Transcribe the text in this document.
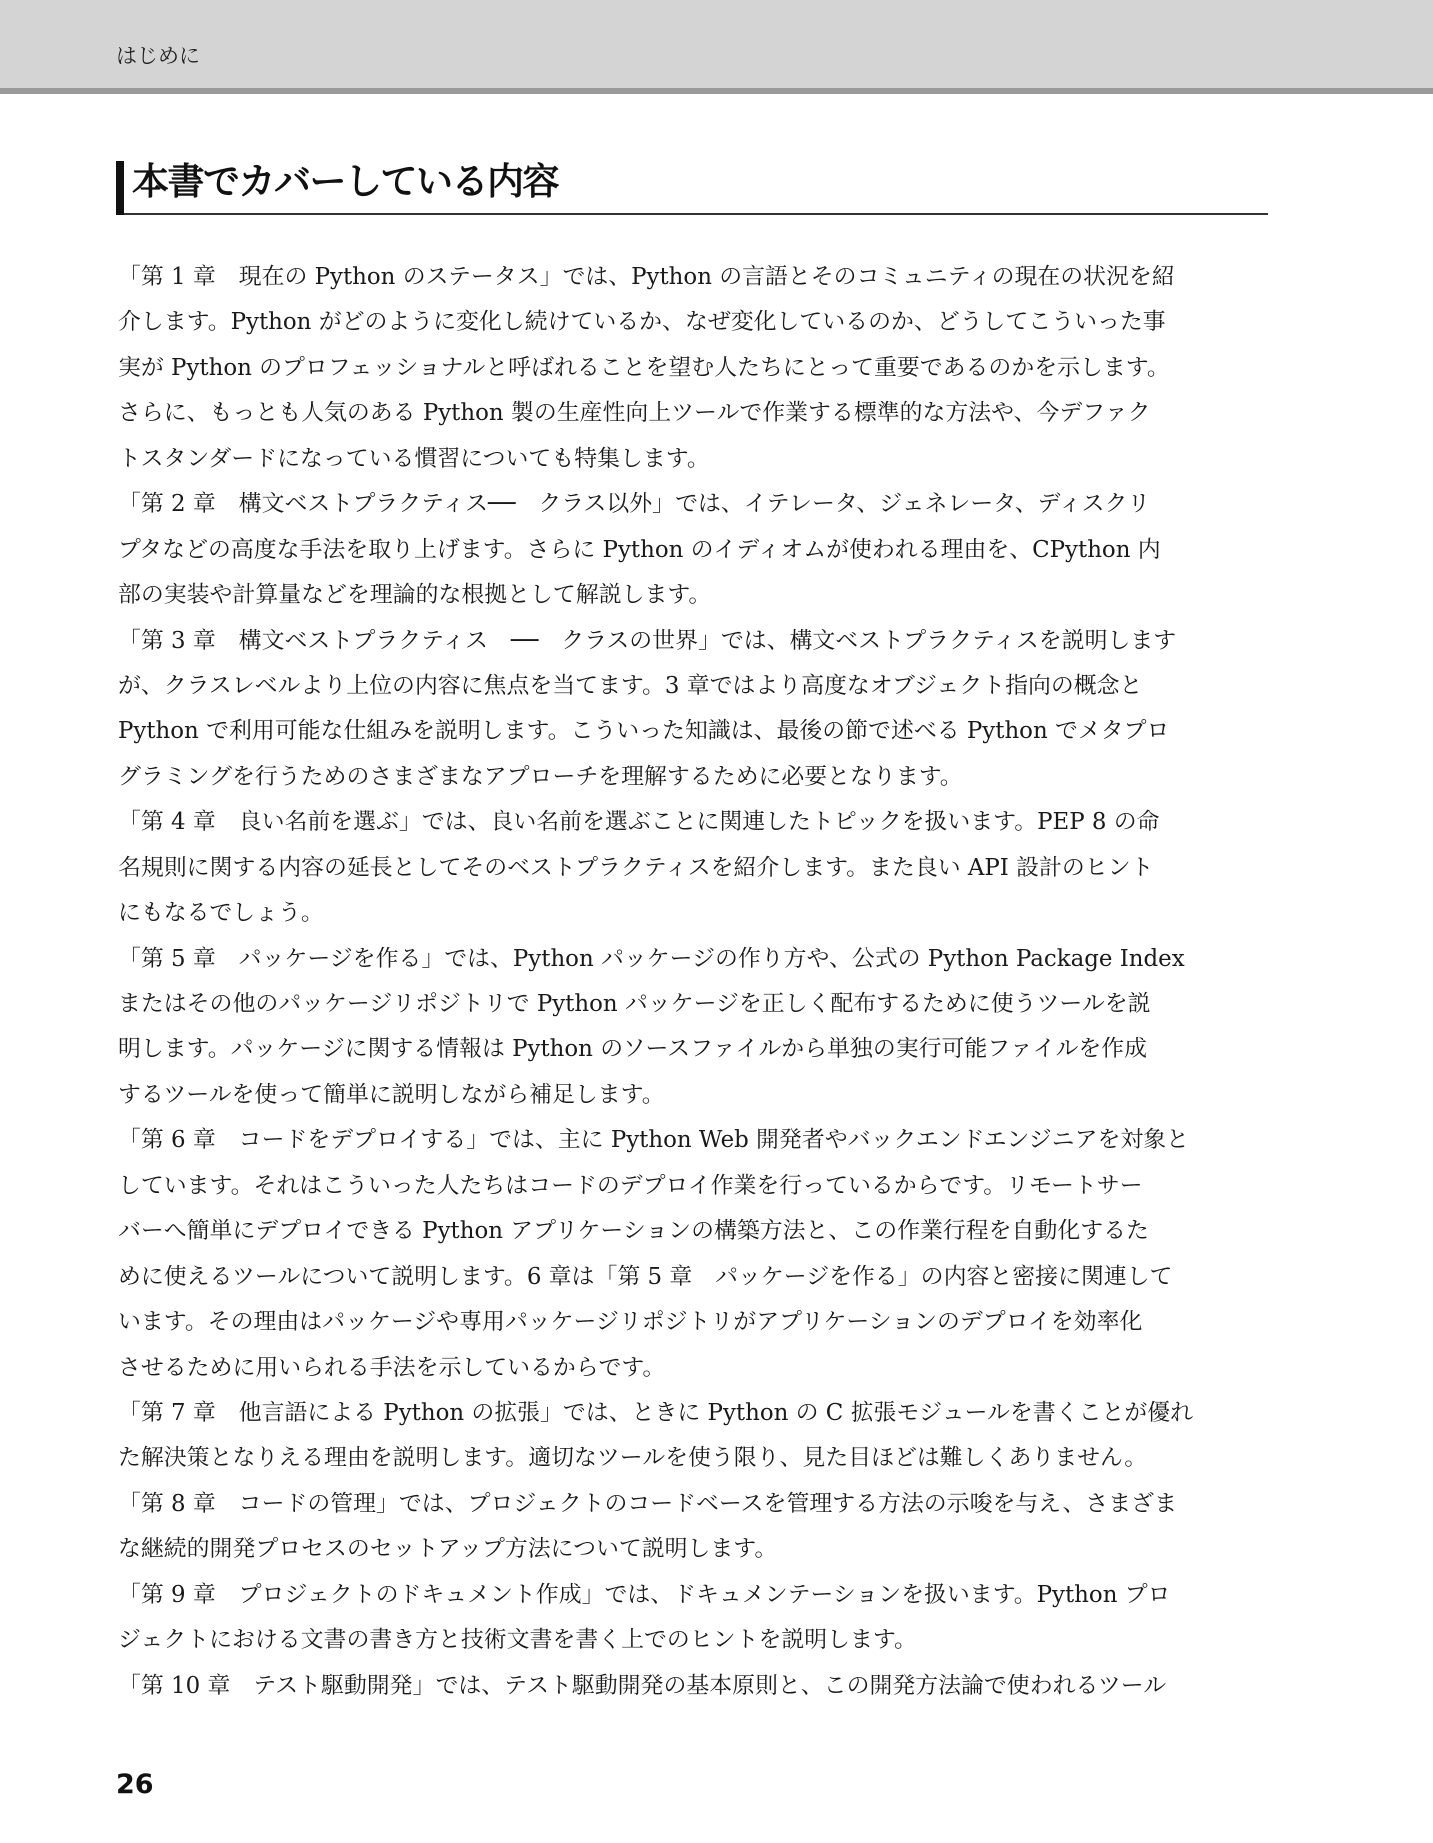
はじめに
本書でカバーしている内容
「第 1 章　現在の Python のステータス」では、Python の言語とそのコミュニティの現在の状況を紹
介します。Python がどのように変化し続けているか、なぜ変化しているのか、どうしてこういった事
実が Python のプロフェッショナルと呼ばれることを望む人たちにとって重要であるのかを示します。
さらに、もっとも人気のある Python 製の生産性向上ツールで作業する標準的な方法や、今デファク
トスタンダードになっている慣習についても特集します。
「第 2 章　構文ベストプラクティス──　クラス以外」では、イテレータ、ジェネレータ、ディスクリ
プタなどの高度な手法を取り上げます。さらに Python のイディオムが使われる理由を、CPython 内
部の実装や計算量などを理論的な根拠として解説します。
「第 3 章　構文ベストプラクティス　──　クラスの世界」では、構文ベストプラクティスを説明します
が、クラスレベルより上位の内容に焦点を当てます。3 章ではより高度なオブジェクト指向の概念と
Python で利用可能な仕組みを説明します。こういった知識は、最後の節で述べる Python でメタプロ
グラミングを行うためのさまざまなアプローチを理解するために必要となります。
「第 4 章　良い名前を選ぶ」では、良い名前を選ぶことに関連したトピックを扱います。PEP 8 の命
名規則に関する内容の延長としてそのベストプラクティスを紹介します。また良い API 設計のヒント
にもなるでしょう。
「第 5 章　パッケージを作る」では、Python パッケージの作り方や、公式の Python Package Index
またはその他のパッケージリポジトリで Python パッケージを正しく配布するために使うツールを説
明します。パッケージに関する情報は Python のソースファイルから単独の実行可能ファイルを作成
するツールを使って簡単に説明しながら補足します。
「第 6 章　コードをデプロイする」では、主に Python Web 開発者やバックエンドエンジニアを対象と
しています。それはこういった人たちはコードのデプロイ作業を行っているからです。リモートサー
バーへ簡単にデプロイできる Python アプリケーションの構築方法と、この作業行程を自動化するた
めに使えるツールについて説明します。6 章は「第 5 章　パッケージを作る」の内容と密接に関連して
います。その理由はパッケージや専用パッケージリポジトリがアプリケーションのデプロイを効率化
させるために用いられる手法を示しているからです。
「第 7 章　他言語による Python の拡張」では、ときに Python の C 拡張モジュールを書くことが優れ
た解決策となりえる理由を説明します。適切なツールを使う限り、見た目ほどは難しくありません。
「第 8 章　コードの管理」では、プロジェクトのコードベースを管理する方法の示唆を与え、さまざま
な継続的開発プロセスのセットアップ方法について説明します。
「第 9 章　プロジェクトのドキュメント作成」では、ドキュメンテーションを扱います。Python プロ
ジェクトにおける文書の書き方と技術文書を書く上でのヒントを説明します。
「第 10 章　テスト駆動開発」では、テスト駆動開発の基本原則と、この開発方法論で使われるツール
26
